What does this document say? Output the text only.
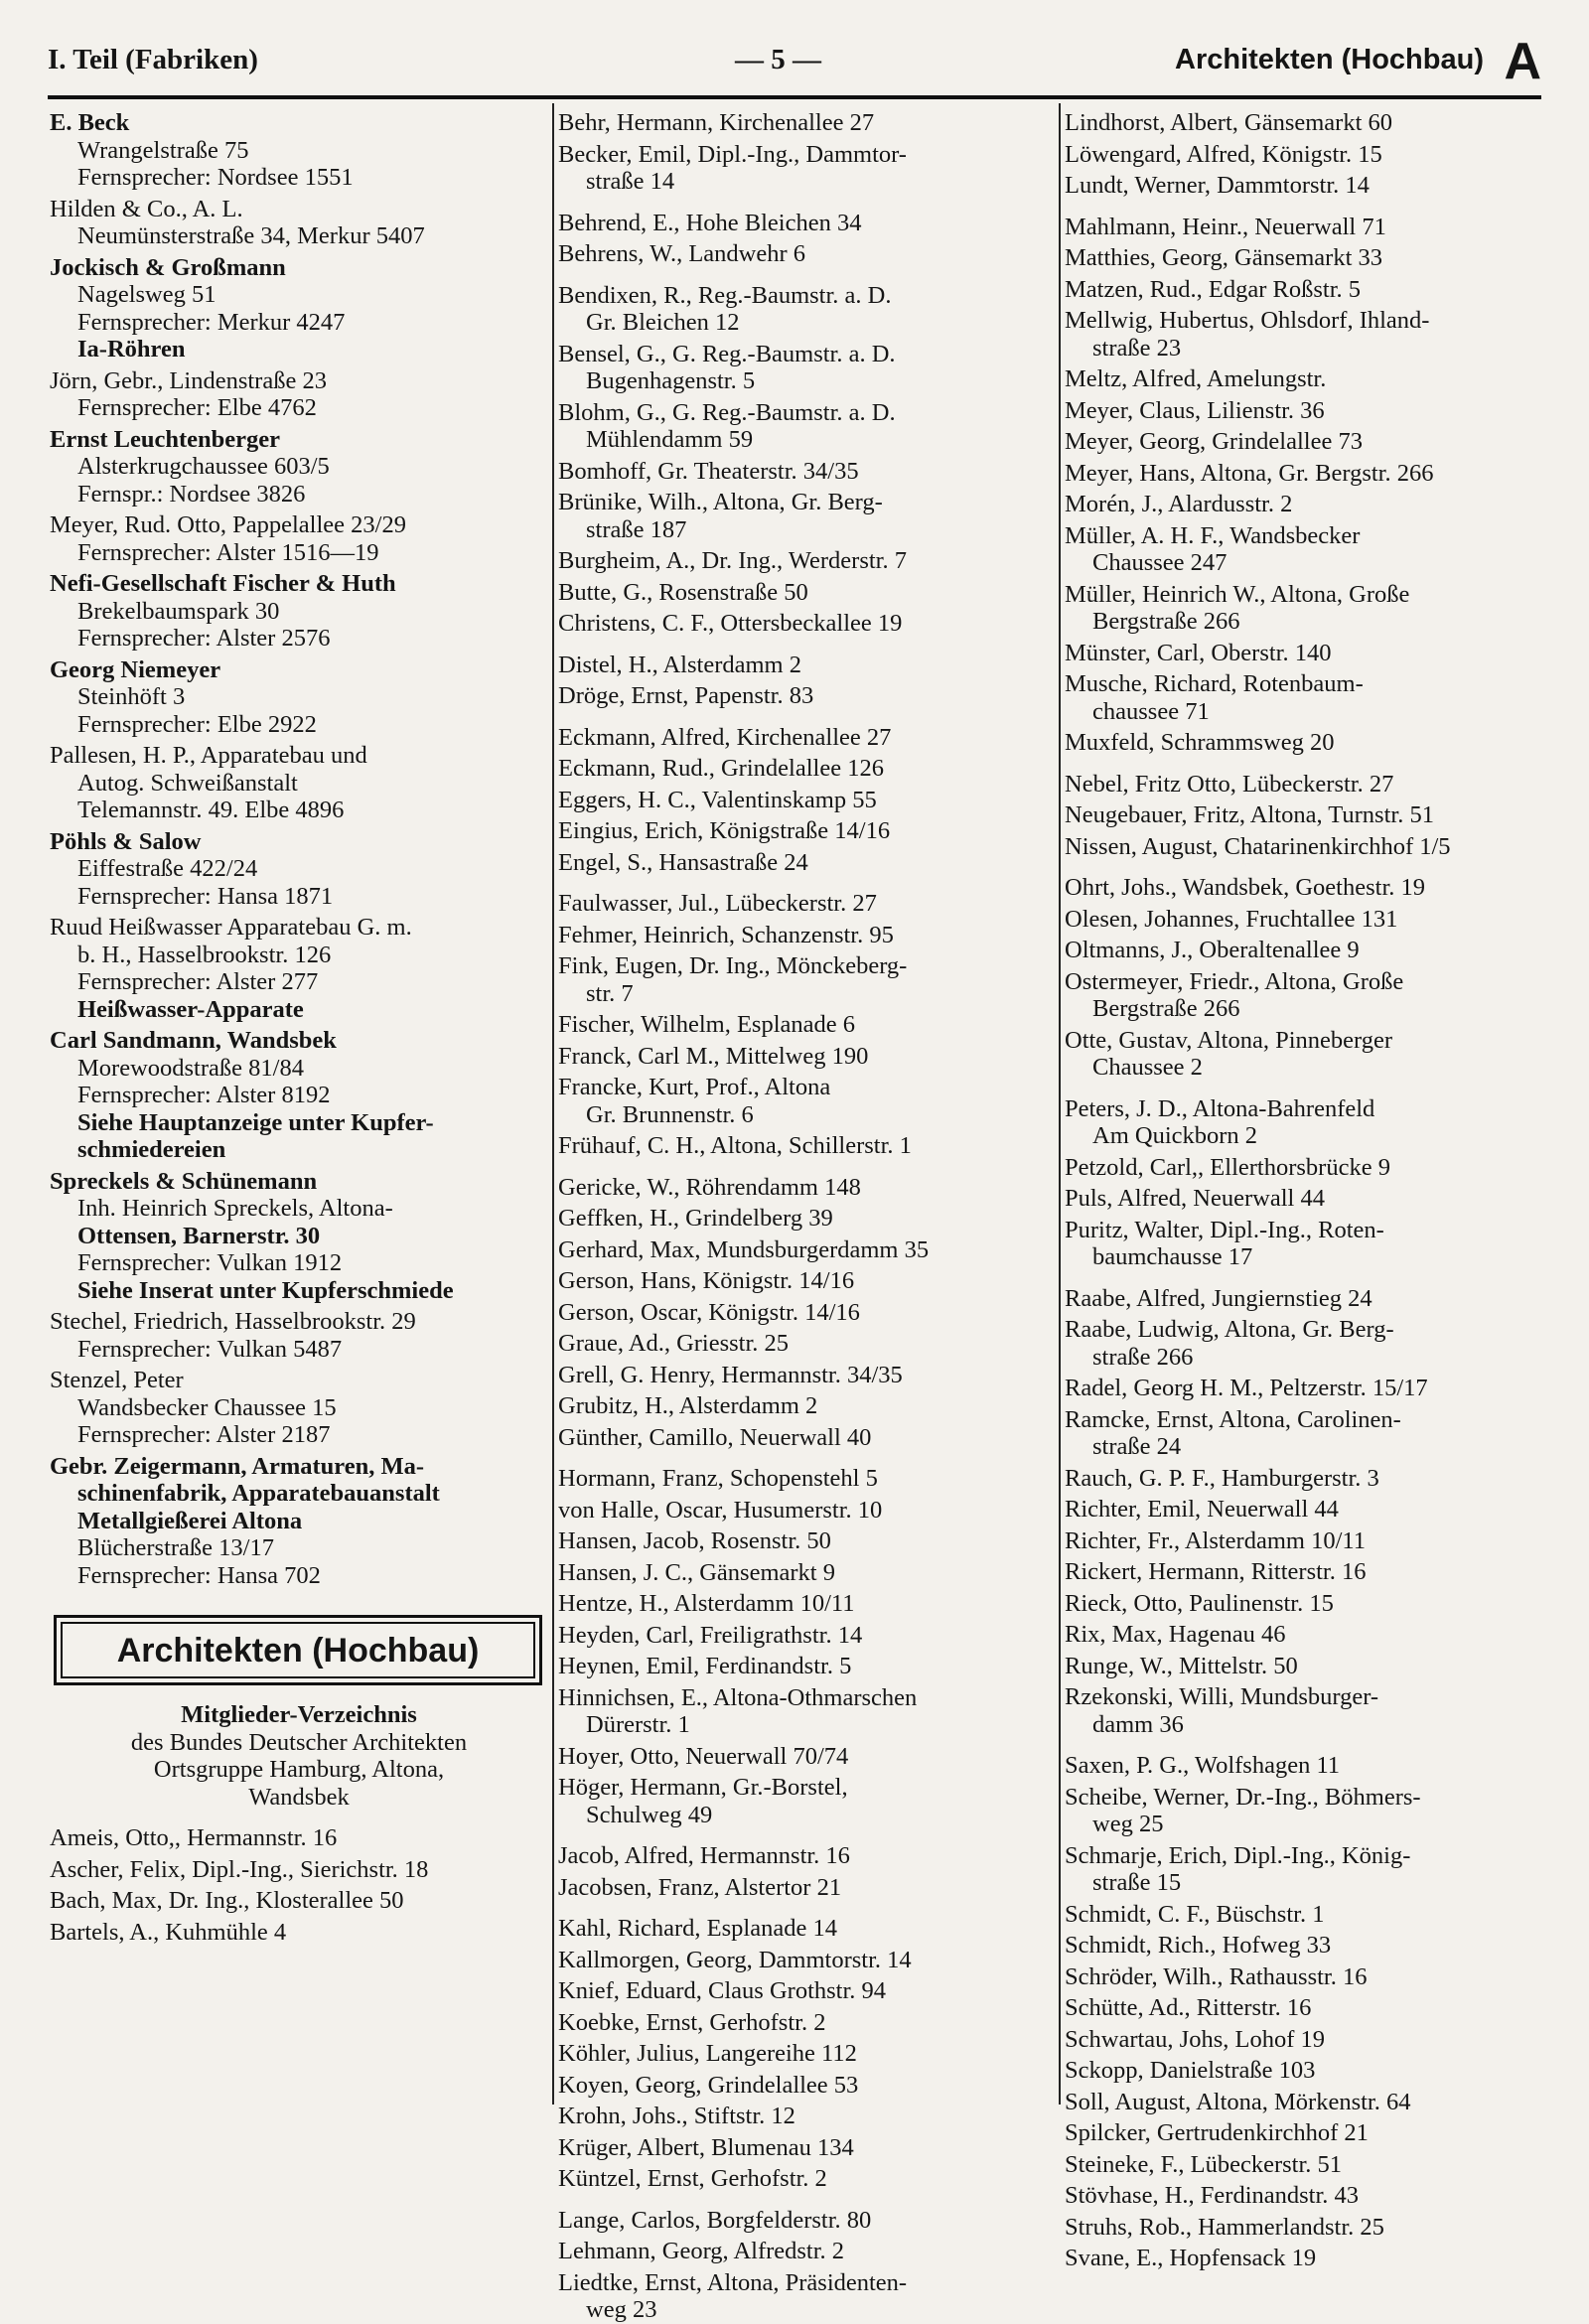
I. Teil (Fabriken)	— 5 —	Architekten (Hochbau) A
E. Beck
Wrangelstraße 75
Fernsprecher: Nordsee 1551
Hilden & Co., A. L.
Neumünsterstraße 34, Merkur 5407
Jockisch & Großmann
Nagelsweg 51
Fernsprecher: Merkur 4247
Ia-Röhren
Jörn, Gebr., Lindenstraße 23
Fernsprecher: Elbe 4762
Ernst Leuchtenberger
Alsterkrugchaussee 603/5
Fernspr.: Nordsee 3826
Meyer, Rud. Otto, Pappelallee 23/29
Fernsprecher: Alster 1516—19
Nefi-Gesellschaft Fischer & Huth
Brekelbaumspark 30
Fernsprecher: Alster 2576
Georg Niemeyer
Steinhöft 3
Fernsprecher: Elbe 2922
Pallesen, H. P., Apparatebau und
Autog. Schweißanstalt
Telemannstr. 49. Elbe 4896
Pöhls & Salow
Eiffestraße 422/24
Fernsprecher: Hansa 1871
Ruud Heißwasser Apparatebau G. m.
b. H., Hasselbrookstr. 126
Fernsprecher: Alster 277
Heißwasser-Apparate
Carl Sandmann, Wandsbek
Morewoodstraße 81/84
Fernsprecher: Alster 8192
Siehe Hauptanzeige unter Kupfer-
schmiedereien
Spreckels & Schünemann
Inh. Heinrich Spreckels, Altona-
Ottensen, Barnerstr. 30
Fernsprecher: Vulkan 1912
Siehe Inserat unter Kupferschmiede
Stechel, Friedrich, Hasselbrookstr. 29
Fernsprecher: Vulkan 5487
Stenzel, Peter
Wandsbecker Chaussee 15
Fernsprecher: Alster 2187
Gebr. Zeigermann, Armaturen, Ma-
schinenfabrik, Apparatebauanstalt
Metallgießerei Altona
Blücherstraße 13/17
Fernsprecher: Hansa 702
Architekten (Hochbau)
Mitglieder-Verzeichnis
des Bundes Deutscher Architekten
Ortsgruppe Hamburg, Altona,
Wandsbek
Ameis, Otto,, Hermannstr. 16
Ascher, Felix, Dipl.-Ing., Sierichstr. 18
Bach, Max, Dr. Ing., Klosterallee 50
Bartels, A., Kuhmühle 4
Behr, Hermann, Kirchenallee 27
Becker, Emil, Dipl.-Ing., Dammtor-
straße 14
Behrend, E., Hohe Bleichen 34
Behrens, W., Landwehr 6
Bendixen, R., Reg.-Baumstr. a. D.
Gr. Bleichen 12
Bensel, G., G. Reg.-Baumstr. a. D.
Bugenhagenstr. 5
Blohm, G., G. Reg.-Baumstr. a. D.
Mühlendamm 59
Bomhoff, Gr. Theaterstr. 34/35
Brünike, Wilh., Altona, Gr. Berg-
straße 187
Burgheim, A., Dr. Ing., Werderstr. 7
Butte, G., Rosenstraße 50
Christens, C. F., Ottersbeckallee 19
Distel, H., Alsterdamm 2
Dröge, Ernst, Papenstr. 83
Eckmann, Alfred, Kirchenallee 27
Eckmann, Rud., Grindelallee 126
Eggers, H. C., Valentinskamp 55
Eingius, Erich, Königstraße 14/16
Engel, S., Hansastraße 24
Faulwasser, Jul., Lübeckerstr. 27
Fehmer, Heinrich, Schanzenstr. 95
Fink, Eugen, Dr. Ing., Mönckeberg-
str. 7
Fischer, Wilhelm, Esplanade 6
Franck, Carl M., Mittelweg 190
Francke, Kurt, Prof., Altona
Gr. Brunnenstr. 6
Frühauf, C. H., Altona, Schillerstr. 1
Gericke, W., Röhrendamm 148
Geffken, H., Grindelberg 39
Gerhard, Max, Mundsburgerdamm 35
Gerson, Hans, Königstr. 14/16
Gerson, Oscar, Königstr. 14/16
Graue, Ad., Griesstr. 25
Grell, G. Henry, Hermannstr. 34/35
Grubitz, H., Alsterdamm 2
Günther, Camillo, Neuerwall 40
Hormann, Franz, Schopenstehl 5
von Halle, Oscar, Husumerstr. 10
Hansen, Jacob, Rosenstr. 50
Hansen, J. C., Gänsemarkt 9
Hentze, H., Alsterdamm 10/11
Heyden, Carl, Freiligrathstr. 14
Heynen, Emil, Ferdinandstr. 5
Hinnichsen, E., Altona-Othmarschen
Dürerstr. 1
Hoyer, Otto, Neuerwall 70/74
Höger, Hermann, Gr.-Borstel,
Schulweg 49
Jacob, Alfred, Hermannstr. 16
Jacobsen, Franz, Alstertor 21
Kahl, Richard, Esplanade 14
Kallmorgen, Georg, Dammtorstr. 14
Knief, Eduard, Claus Grothstr. 94
Koebke, Ernst, Gerhofstr. 2
Köhler, Julius, Langereihe 112
Koyen, Georg, Grindelallee 53
Krohn, Johs., Stiftstr. 12
Krüger, Albert, Blumenau 134
Küntzel, Ernst, Gerhofstr. 2
Lange, Carlos, Borgfelderstr. 80
Lehmann, Georg, Alfredstr. 2
Liedtke, Ernst, Altona, Präsidenten-
weg 23
Lindhorst, Albert, Gänsemarkt 60
Löwengard, Alfred, Königstr. 15
Lundt, Werner, Dammtorstr. 14
Mahlmann, Heinr., Neuerwall 71
Matthies, Georg, Gänsemarkt 33
Matzen, Rud., Edgar Roßstr. 5
Mellwig, Hubertus, Ohlsdorf, Ihland-
straße 23
Meltz, Alfred, Amelungstr.
Meyer, Claus, Lilienstr. 36
Meyer, Georg, Grindelallee 73
Meyer, Hans, Altona, Gr. Bergstr. 266
Morén, J., Alardusstr. 2
Müller, A. H. F., Wandsbecker
Chaussee 247
Müller, Heinrich W., Altona, Große
Bergstraße 266
Münster, Carl, Oberstr. 140
Musche, Richard, Rotenbaum-
chaussee 71
Muxfeld, Schrammsweg 20
Nebel, Fritz Otto, Lübeckerstr. 27
Neugebauer, Fritz, Altona, Turnstr. 51
Nissen, August, Chatarinenkirchhof 1/5
Ohrt, Johs., Wandsbek, Goethestr. 19
Olesen, Johannes, Fruchtallee 131
Oltmanns, J., Oberaltenallee 9
Ostermeyer, Friedr., Altona, Große
Bergstraße 266
Otte, Gustav, Altona, Pinneberger
Chaussee 2
Peters, J. D., Altona-Bahrenfeld
Am Quickborn 2
Petzold, Carl,, Ellerthorsbrücke 9
Puls, Alfred, Neuerwall 44
Puritz, Walter, Dipl.-Ing., Roten-
baumchausse 17
Raabe, Alfred, Jungiernstieg 24
Raabe, Ludwig, Altona, Gr. Berg-
straße 266
Radel, Georg H. M., Peltzerstr. 15/17
Ramcke, Ernst, Altona, Carolinen-
straße 24
Rauch, G. P. F., Hamburgerstr. 3
Richter, Emil, Neuerwall 44
Richter, Fr., Alsterdamm 10/11
Rickert, Hermann, Ritterstr. 16
Rieck, Otto, Paulinenstr. 15
Rix, Max, Hagenau 46
Runge, W., Mittelstr. 50
Rzekonski, Willi, Mundsburger-
damm 36
Saxen, P. G., Wolfshagen 11
Scheibe, Werner, Dr.-Ing., Böhmers-
weg 25
Schmarje, Erich, Dipl.-Ing., König-
straße 15
Schmidt, C. F., Büschstr. 1
Schmidt, Rich., Hofweg 33
Schröder, Wilh., Rathausstr. 16
Schütte, Ad., Ritterstr. 16
Schwartau, Johs, Lohof 19
Sckopp, Danielstraße 103
Soll, August, Altona, Mörkenstr. 64
Spilcker, Gertrudenkirchhof 21
Steineke, F., Lübeckerstr. 51
Stövhase, H., Ferdinandstr. 43
Struhs, Rob., Hammerlandstr. 25
Svane, E., Hopfensack 19
